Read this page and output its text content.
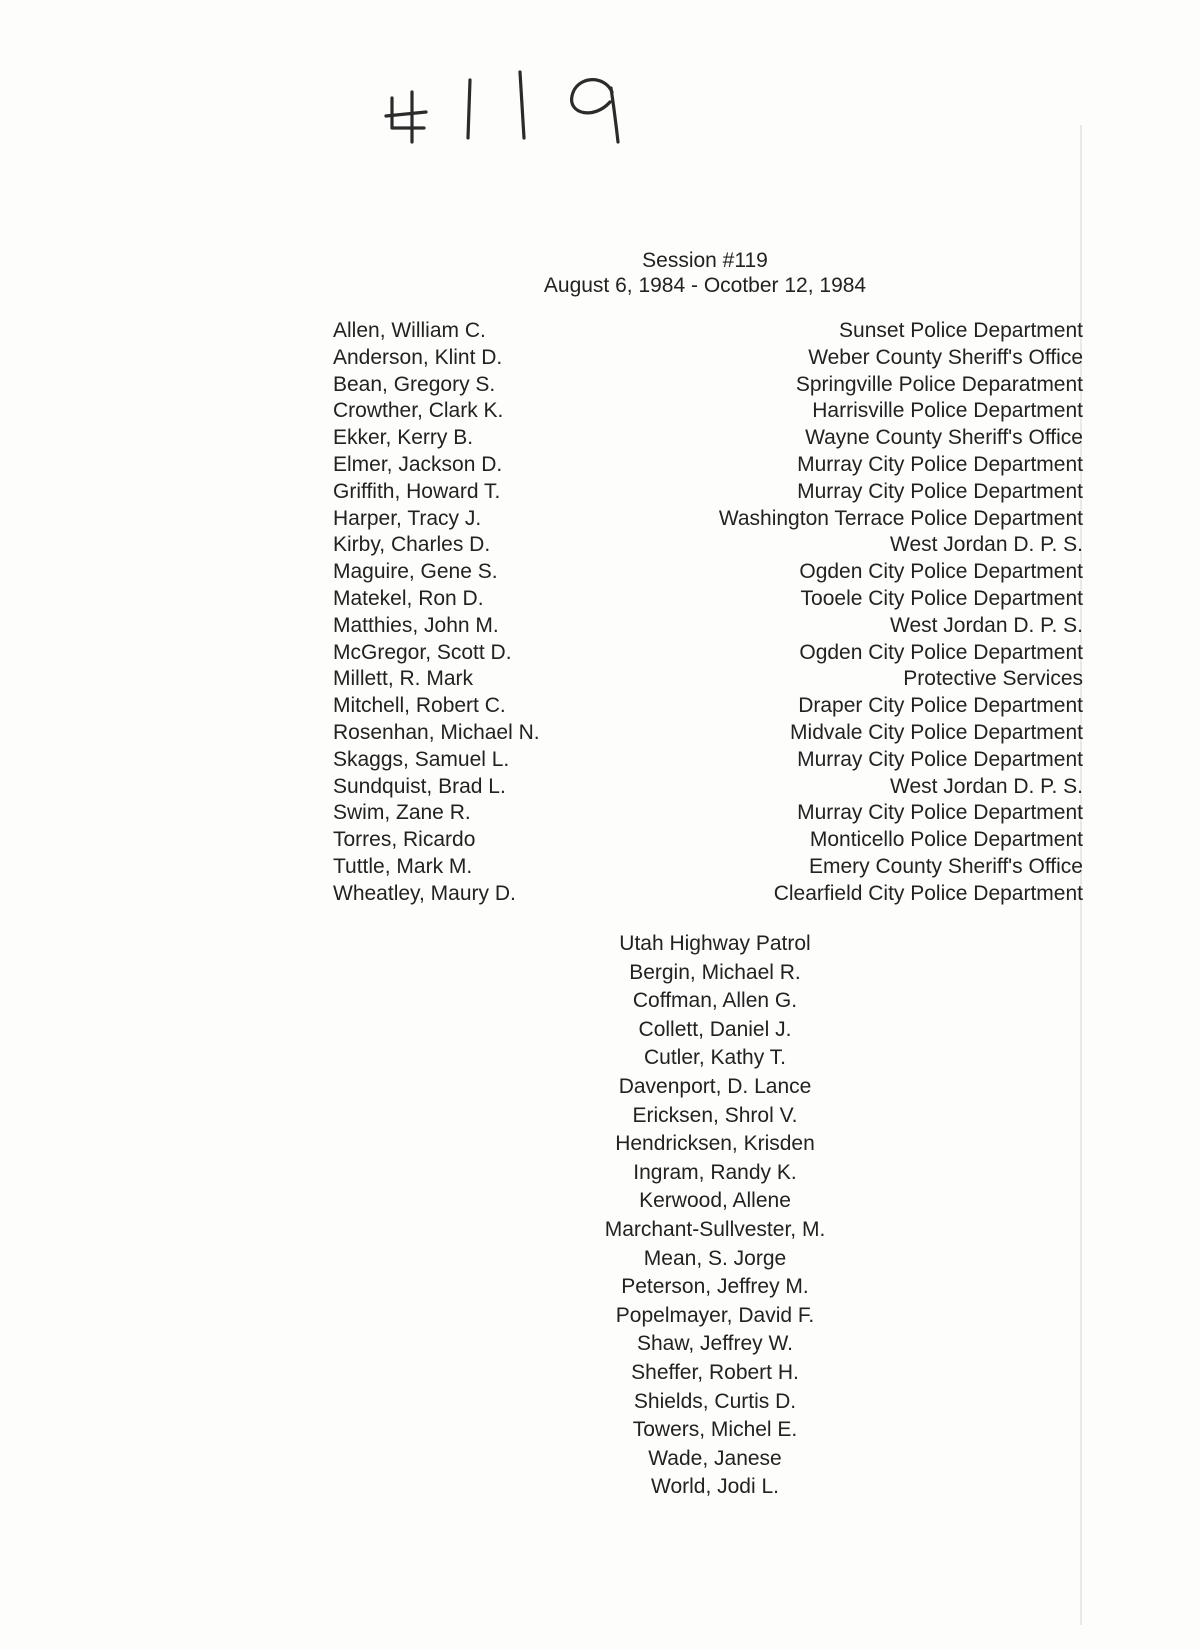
Session #119
August 6, 1984 - Ocotber 12, 1984
Allen, William C.	Sunset Police Department
Anderson, Klint D.	Weber County Sheriff's Office
Bean, Gregory S.	Springville Police Deparatment
Crowther, Clark K.	Harrisville Police Department
Ekker, Kerry B.	Wayne County Sheriff's Office
Elmer, Jackson D.	Murray City Police Department
Griffith, Howard T.	Murray City Police Department
Harper, Tracy J.	Washington Terrace Police Department
Kirby, Charles D.	West Jordan D. P. S.
Maguire, Gene S.	Ogden City Police Department
Matekel, Ron D.	Tooele City Police Department
Matthies, John M.	West Jordan D. P. S.
McGregor, Scott D.	Ogden City Police Department
Millett, R. Mark	Protective Services
Mitchell, Robert C.	Draper City Police Department
Rosenhan, Michael N.	Midvale City Police Department
Skaggs, Samuel L.	Murray City Police Department
Sundquist, Brad L.	West Jordan D. P. S.
Swim, Zane R.	Murray City Police Department
Torres, Ricardo	Monticello Police Department
Tuttle, Mark M.	Emery County Sheriff's Office
Wheatley, Maury D.	Clearfield City Police Department
Utah Highway Patrol
Bergin, Michael R.
Coffman, Allen G.
Collett, Daniel J.
Cutler, Kathy T.
Davenport, D. Lance
Ericksen, Shrol V.
Hendricksen, Krisden
Ingram, Randy K.
Kerwood, Allene
Marchant-Sullvester, M.
Mean, S. Jorge
Peterson, Jeffrey M.
Popelmayer, David F.
Shaw, Jeffrey W.
Sheffer, Robert H.
Shields, Curtis D.
Towers, Michel E.
Wade, Janese
World, Jodi L.
